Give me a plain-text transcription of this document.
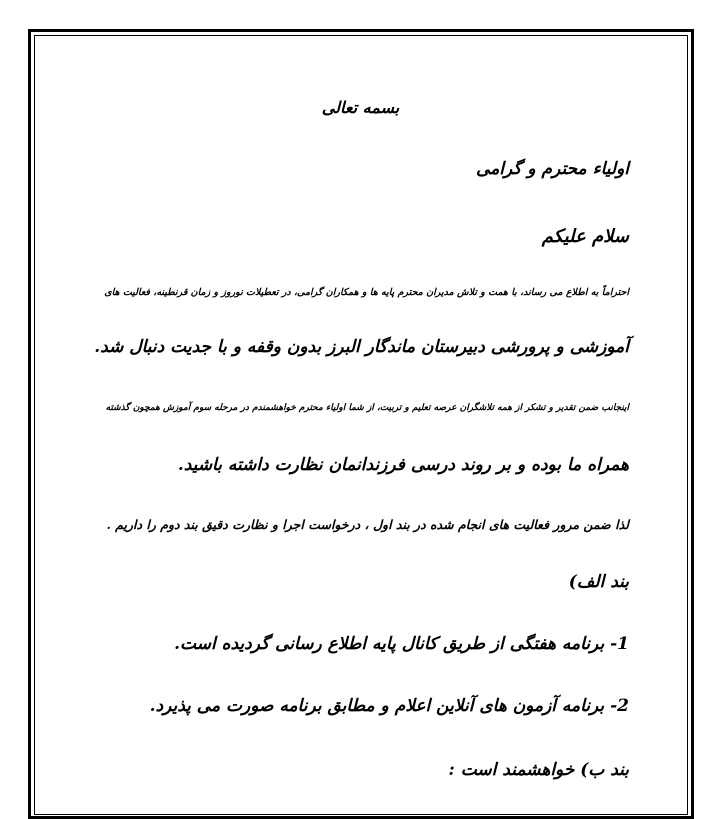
بسمه تعالی
اولیاء محترم و گرامی
سلام علیکم
احتراماً به اطلاع می رساند، با همت و تلاش مدیران محترم پایه ها و همکاران گرامی، در تعطیلات نوروز و زمان قرنطینه، فعالیت های
آموزشی و پرورشی دبیرستان ماندگار البرز بدون وقفه و با جدیت دنبال شد.
اینجانب ضمن تقدیر و تشکر از همه تلاشگران عرصه تعلیم و تربیت، از شما اولیاء محترم خواهشمندم در مرحله سوم آموزش همچون گذشته
همراه ما بوده و بر روند درسی فرزندانمان نظارت داشته باشید.
لذا ضمن مرور فعالیت های انجام شده در بند اول ، درخواست اجرا و نظارت دقیق بند دوم را داریم .
بند الف)
1- برنامه هفتگی از طریق کانال پایه اطلاع رسانی گردیده است.
2- برنامه آزمون های آنلاین اعلام و مطابق برنامه صورت می پذیرد.
بند ب) خواهشمند است :
